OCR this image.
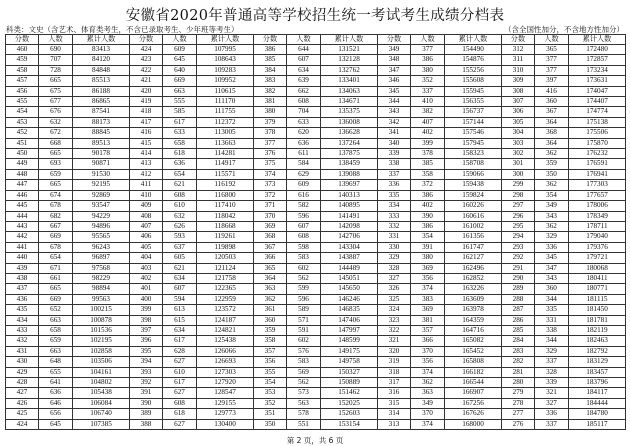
安徽省2020年普通高等学校招生统一考试考生成绩分档表
科类：文史（含艺术、体育类考生，不含已录取考生、少年班等考生）	（含全国性加分，不含地方性加分）
分数	人数	累计人数	分数	人数	累计人数	分数	人数	累计人数	分数	人数	累计人数	分数	人数	累计人数
460	690	83413	424	609	107995	386	644	131521	349	377	154490	312	365	172480
459	707	84120	423	645	108643	385	607	132128	348	386	154876	311	377	172857
458	728	84848	422	640	109283	384	634	132762	347	380	155256	310	377	173234
457	665	85513	421	669	109952	383	639	133401	346	352	155608	309	397	173631
456	675	86188	420	663	110615	382	662	134063	345	337	155945	308	416	174047
455	677	86865	419	555	111170	381	608	134671	344	410	156355	307	360	174407
454	676	87541	418	585	111755	380	704	135375	343	382	156737	306	367	174774
453	632	88173	417	617	112372	379	633	136008	342	407	157144	305	364	175138
452	672	88845	416	633	113005	378	620	136628	341	402	157546	304	368	175506
451	668	89513	415	658	113663	377	636	137264	340	399	157945	303	364	175870
450	665	90178	414	618	114281	376	611	137875	339	378	158323	302	362	176232
449	693	90871	413	636	114917	375	584	138459	338	385	158708	301	359	176591
448	659	91530	412	654	115571	374	629	139088	337	358	159066	300	350	176941
447	665	92195	411	621	116192	373	609	139697	336	372	159438	299	362	177303
446	674	92869	410	608	116800	372	616	140313	335	386	159824	298	354	177657
445	678	93547	409	610	117410	371	582	140895	334	402	160226	297	349	178006
444	682	94229	408	632	118042	370	596	141491	333	390	160616	296	343	178349
443	667	94896	407	626	118668	369	607	142098	332	386	161002	295	362	178711
442	669	95565	406	593	119261	368	608	142706	331	354	161356	294	329	179040
441	678	96243	405	637	119898	367	598	143304	330	391	161747	293	336	179376
440	654	96897	404	605	120503	366	583	143887	329	380	162127	292	345	179721
439	671	97568	403	621	121124	365	602	144489	328	369	162496	291	347	180068
438	661	98229	402	634	121758	364	562	145051	327	356	162852	290	343	180411
437	665	98894	401	607	122365	363	599	145650	326	374	163226	289	360	180771
436	669	99563	400	594	122959	362	596	146246	325	383	163609	288	344	181115
435	652	100215	399	613	123572	361	589	146835	324	369	163978	287	335	181450
434	663	100878	398	615	124187	360	571	147406	323	381	164359	286	331	181781
433	658	101536	397	634	124821	359	591	147997	322	357	164716	285	338	182119
432	659	102195	396	617	125438	358	602	148599	321	366	165082	284	344	182463
431	663	102858	395	628	126066	357	576	149175	320	370	165452	283	329	182792
430	648	103506	394	627	126693	356	583	149758	319	356	165808	282	337	183129
429	655	104161	393	610	127303	355	569	150327	318	374	166182	281	328	183457
428	641	104802	392	617	127920	354	562	150889	317	362	166544	280	339	183796
427	636	105438	391	627	128547	353	573	151462	316	363	166907	279	321	184117
426	646	106084	390	608	129155	352	563	152025	315	349	167256	278	327	184444
425	656	106740	389	618	129773	351	578	152603	314	370	167626	277	336	184780
424	645	107385	388	627	130400	350	551	153154	313	374	168000	276	337	185117
第 2 页，共 6 页
